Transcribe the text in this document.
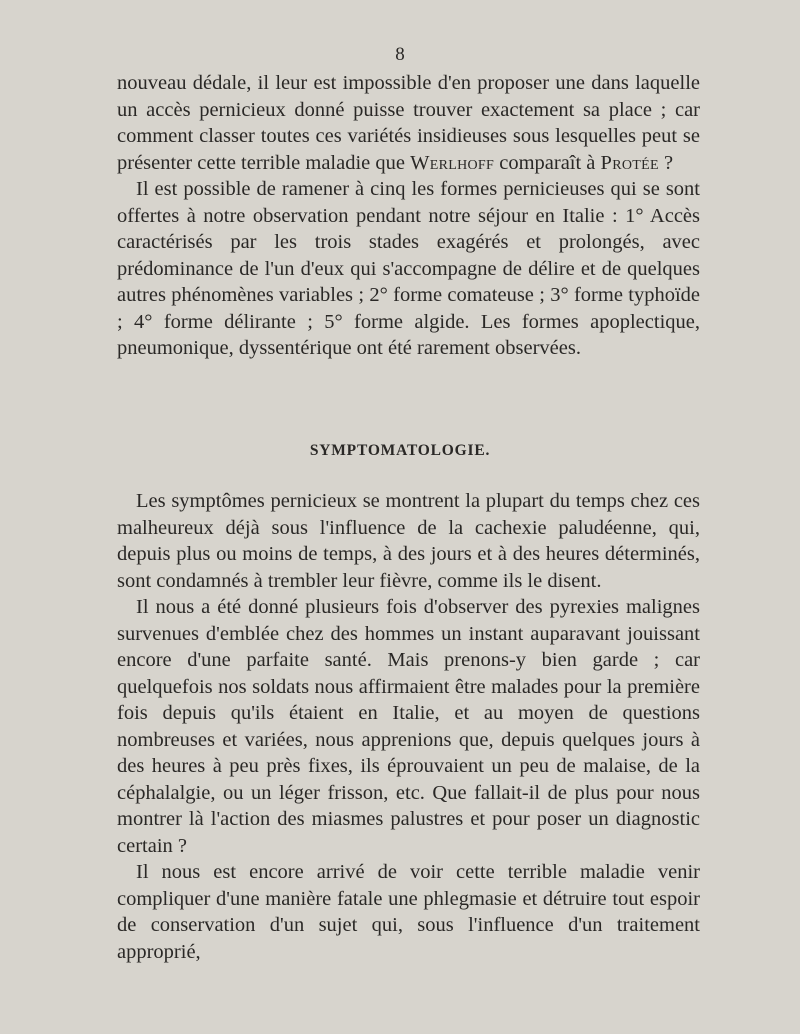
8

nouveau dédale, il leur est impossible d'en proposer une dans laquelle un accès pernicieux donné puisse trouver exactement sa place ; car comment classer toutes ces variétés insidieuses sous lesquelles peut se présenter cette terrible maladie que Werlhoff comparaît à Protée ?

Il est possible de ramener à cinq les formes pernicieuses qui se sont offertes à notre observation pendant notre séjour en Italie : 1° Accès caractérisés par les trois stades exagérés et prolongés, avec prédominance de l'un d'eux qui s'accompagne de délire et de quelques autres phénomènes variables ; 2° forme comateuse ; 3° forme typhoïde ; 4° forme délirante ; 5° forme algide. Les formes apoplectique, pneumonique, dyssentérique ont été rarement observées.

SYMPTOMATOLOGIE.

Les symptômes pernicieux se montrent la plupart du temps chez ces malheureux déjà sous l'influence de la cachexie paludéenne, qui, depuis plus ou moins de temps, à des jours et à des heures déterminés, sont condamnés à trembler leur fièvre, comme ils le disent.

Il nous a été donné plusieurs fois d'observer des pyrexies malignes survenues d'emblée chez des hommes un instant auparavant jouissant encore d'une parfaite santé. Mais prenons-y bien garde ; car quelquefois nos soldats nous affirmaient être malades pour la première fois depuis qu'ils étaient en Italie, et au moyen de questions nombreuses et variées, nous apprenions que, depuis quelques jours à des heures à peu près fixes, ils éprouvaient un peu de malaise, de la céphalalgie, ou un léger frisson, etc. Que fallait-il de plus pour nous montrer là l'action des miasmes palustres et pour poser un diagnostic certain ?

Il nous est encore arrivé de voir cette terrible maladie venir compliquer d'une manière fatale une phlegmasie et détruire tout espoir de conservation d'un sujet qui, sous l'influence d'un traitement approprié,
